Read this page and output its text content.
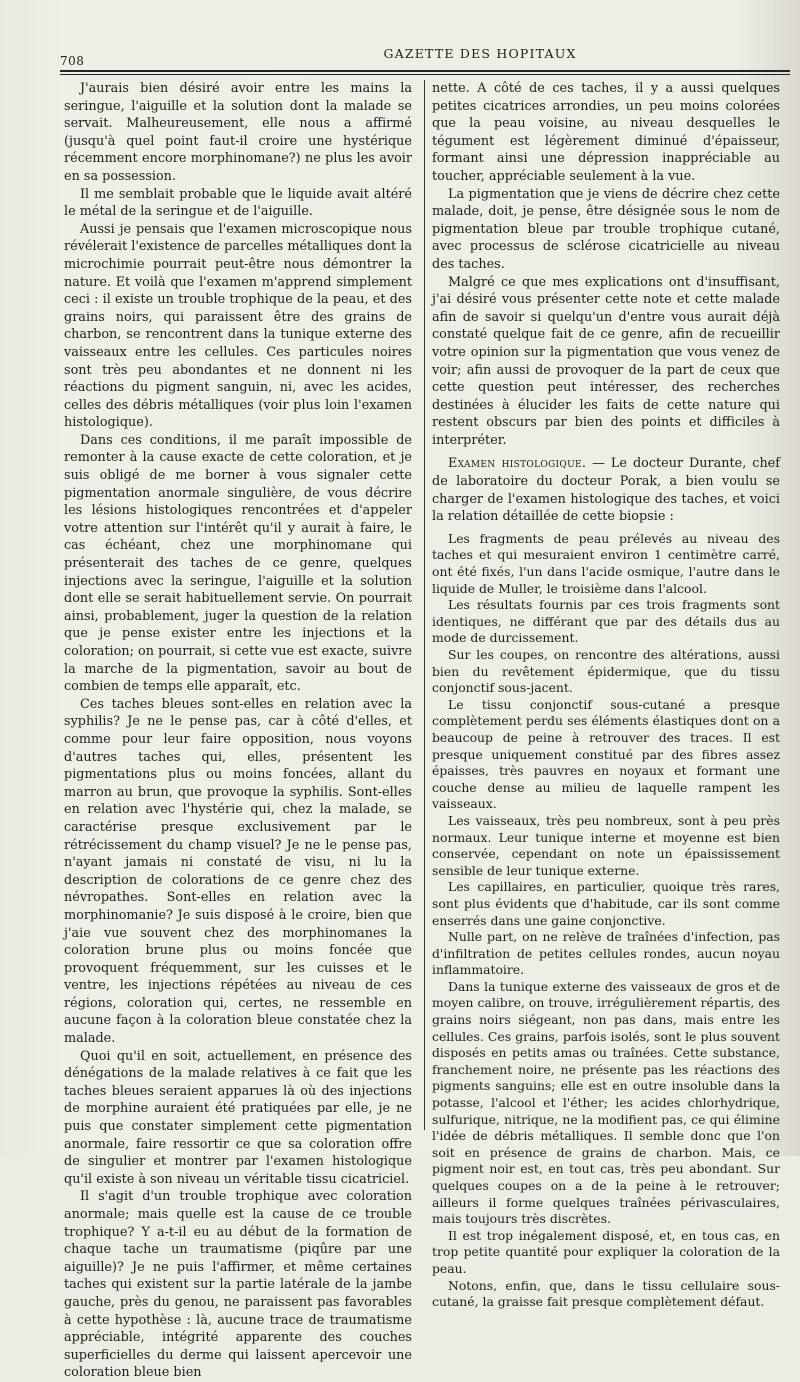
708	GAZETTE DES HOPITAUX

J'aurais bien désiré avoir entre les mains la seringue, l'aiguille et la solution dont la malade se servait. Malheureusement, elle nous a affirmé (jusqu'à quel point faut-il croire une hystérique récemment encore morphinomane?) ne plus les avoir en sa possession.

Il me semblait probable que le liquide avait altéré le métal de la seringue et de l'aiguille.

Aussi je pensais que l'examen microscopique nous révélerait l'existence de parcelles métalliques dont la microchimie pourrait peut-être nous démontrer la nature. Et voilà que l'examen m'apprend simplement ceci : il existe un trouble trophique de la peau, et des grains noirs, qui paraissent être des grains de charbon, se rencontrent dans la tunique externe des vaisseaux entre les cellules. Ces particules noires sont très peu abondantes et ne donnent ni les réactions du pigment sanguin, ni, avec les acides, celles des débris métalliques (voir plus loin l'examen histologique).

Dans ces conditions, il me paraît impossible de remonter à la cause exacte de cette coloration, et je suis obligé de me borner à vous signaler cette pigmentation anormale singulière, de vous décrire les lésions histologiques rencontrées et d'appeler votre attention sur l'intérêt qu'il y aurait à faire, le cas échéant, chez une morphinomane qui présenterait des taches de ce genre, quelques injections avec la seringue, l'aiguille et la solution dont elle se serait habituellement servie. On pourrait ainsi, probablement, juger la question de la relation que je pense exister entre les injections et la coloration; on pourrait, si cette vue est exacte, suivre la marche de la pigmentation, savoir au bout de combien de temps elle apparaît, etc.

Ces taches bleues sont-elles en relation avec la syphilis? Je ne le pense pas, car à côté d'elles, et comme pour leur faire opposition, nous voyons d'autres taches qui, elles, présentent les pigmentations plus ou moins foncées, allant du marron au brun, que provoque la syphilis. Sont-elles en relation avec l'hystérie qui, chez la malade, se caractérise presque exclusivement par le rétrécissement du champ visuel? Je ne le pense pas, n'ayant jamais ni constaté de visu, ni lu la description de colorations de ce genre chez des névropathes. Sont-elles en relation avec la morphinomanie? Je suis disposé à le croire, bien que j'aie vue souvent chez des morphinomanes la coloration brune plus ou moins foncée que provoquent fréquemment, sur les cuisses et le ventre, les injections répétées au niveau de ces régions, coloration qui, certes, ne ressemble en aucune façon à la coloration bleue constatée chez la malade.

Quoi qu'il en soit, actuellement, en présence des dénégations de la malade relatives à ce fait que les taches bleues seraient apparues là où des injections de morphine auraient été pratiquées par elle, je ne puis que constater simplement cette pigmentation anormale, faire ressortir ce que sa coloration offre de singulier et montrer par l'examen histologique qu'il existe à son niveau un véritable tissu cicatriciel.

Il s'agit d'un trouble trophique avec coloration anormale; mais quelle est la cause de ce trouble trophique? Y a-t-il eu au début de la formation de chaque tache un traumatisme (piqûre par une aiguille)? Je ne puis l'affirmer, et même certaines taches qui existent sur la partie latérale de la jambe gauche, près du genou, ne paraissent pas favorables à cette hypothèse : là, aucune trace de traumatisme appréciable, intégrité apparente des couches superficielles du derme qui laissent apercevoir une coloration bleue bien

nette. A côté de ces taches, il y a aussi quelques petites cicatrices arrondies, un peu moins colorées que la peau voisine, au niveau desquelles le tégument est légèrement diminué d'épaisseur, formant ainsi une dépression inappréciable au toucher, appréciable seulement à la vue.

La pigmentation que je viens de décrire chez cette malade, doit, je pense, être désignée sous le nom de pigmentation bleue par trouble trophique cutané, avec processus de sclérose cicatricielle au niveau des taches.

Malgré ce que mes explications ont d'insuffisant, j'ai désiré vous présenter cette note et cette malade afin de savoir si quelqu'un d'entre vous aurait déjà constaté quelque fait de ce genre, afin de recueillir votre opinion sur la pigmentation que vous venez de voir; afin aussi de provoquer de la part de ceux que cette question peut intéresser, des recherches destinées à élucider les faits de cette nature qui restent obscurs par bien des points et difficiles à interpréter.

Examen histologique. — Le docteur Durante, chef de laboratoire du docteur Porak, a bien voulu se charger de l'examen histologique des taches, et voici la relation détaillée de cette biopsie :

Les fragments de peau prélevés au niveau des taches et qui mesuraient environ 1 centimètre carré, ont été fixés, l'un dans l'acide osmique, l'autre dans le liquide de Muller, le troisième dans l'alcool.

Les résultats fournis par ces trois fragments sont identiques, ne différant que par des détails dus au mode de durcissement.

Sur les coupes, on rencontre des altérations, aussi bien du revêtement épidermique, que du tissu conjonctif sous-jacent.

Le tissu conjonctif sous-cutané a presque complètement perdu ses éléments élastiques dont on a beaucoup de peine à retrouver des traces. Il est presque uniquement constitué par des fibres assez épaisses, très pauvres en noyaux et formant une couche dense au milieu de laquelle rampent les vaisseaux.

Les vaisseaux, très peu nombreux, sont à peu près normaux. Leur tunique interne et moyenne est bien conservée, cependant on note un épaississement sensible de leur tunique externe.

Les capillaires, en particulier, quoique très rares, sont plus évidents que d'habitude, car ils sont comme enserrés dans une gaine conjonctive.

Nulle part, on ne relève de traînées d'infection, pas d'infiltration de petites cellules rondes, aucun noyau inflammatoire.

Dans la tunique externe des vaisseaux de gros et de moyen calibre, on trouve, irrégulièrement répartis, des grains noirs siégeant, non pas dans, mais entre les cellules. Ces grains, parfois isolés, sont le plus souvent disposés en petits amas ou traînées. Cette substance, franchement noire, ne présente pas les réactions des pigments sanguins; elle est en outre insoluble dans la potasse, l'alcool et l'éther; les acides chlorhydrique, sulfurique, nitrique, ne la modifient pas, ce qui élimine l'idée de débris métalliques. Il semble donc que l'on soit en présence de grains de charbon. Mais, ce pigment noir est, en tout cas, très peu abondant. Sur quelques coupes on a de la peine à le retrouver; ailleurs il forme quelques traînées périvasculaires, mais toujours très discrètes.

Il est trop inégalement disposé, et, en tous cas, en trop petite quantité pour expliquer la coloration de la peau.

Notons, enfin, que, dans le tissu cellulaire sous-cutané, la graisse fait presque complètement défaut.
